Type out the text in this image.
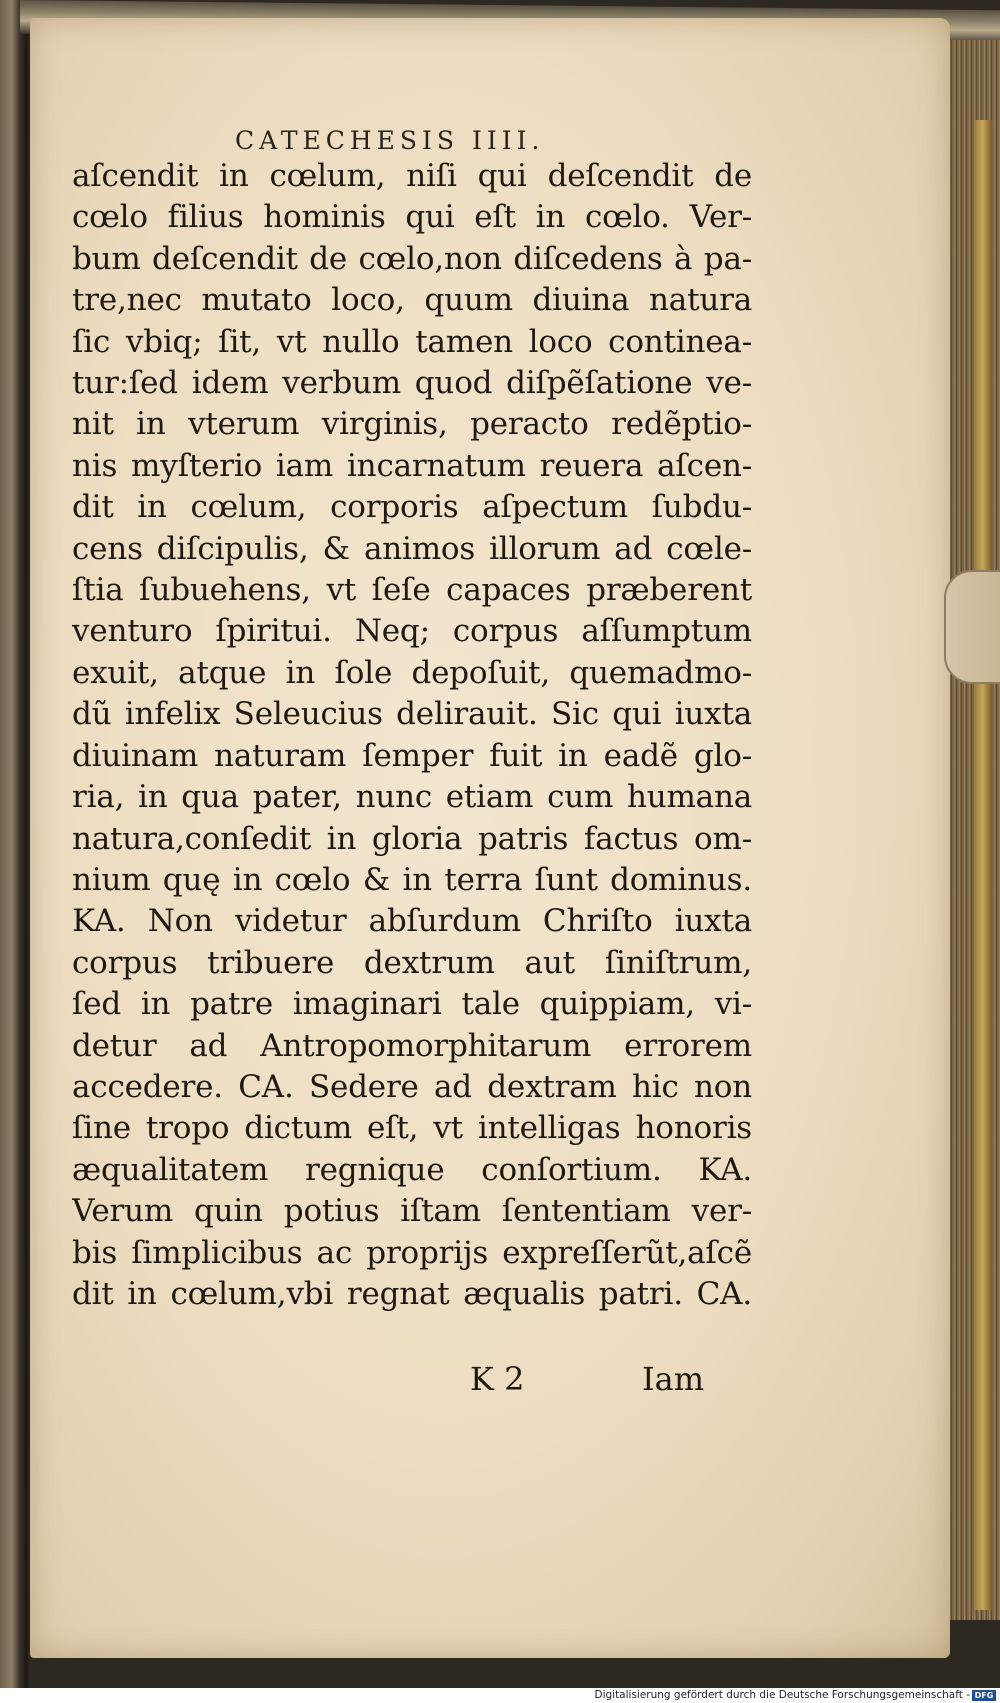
CATECHESIS IIII.
aſcendit in cœlum, niſi qui deſcendit de
cœlo filius hominis qui eſt in cœlo. Ver-
bum deſcendit de cœlo,non diſcedens à pa-
tre,nec mutato loco, quum diuina natura
ſic vbiq; ſit, vt nullo tamen loco continea-
tur:ſed idem verbum quod diſpẽſatione ve-
nit in vterum virginis, peracto redẽptio-
nis myſterio iam incarnatum reuera aſcen-
dit in cœlum, corporis aſpectum ſubdu-
cens diſcipulis, & animos illorum ad cœle-
ſtia ſubuehens, vt ſeſe capaces præberent
venturo ſpiritui. Neq; corpus aſſumptum
exuit, atque in ſole depoſuit, quemadmo-
dũ infelix Seleucius delirauit. Sic qui iuxta
diuinam naturam ſemper fuit in eadẽ glo-
ria, in qua pater, nunc etiam cum humana
natura,conſedit in gloria patris factus om-
nium quę in cœlo & in terra ſunt dominus.
KA. Non videtur abſurdum Chriſto iuxta
corpus tribuere dextrum aut ſiniſtrum,
ſed in patre imaginari tale quippiam, vi-
detur ad Antropomorphitarum errorem
accedere. CA. Sedere ad dextram hic non
ſine tropo dictum eſt, vt intelligas honoris
æqualitatem regnique conſortium. KA.
Verum quin potius iſtam ſententiam ver-
bis ſimplicibus ac proprijs expreſſerũt,aſcẽ
dit in cœlum,vbi regnat æqualis patri. CA.
K 2	Iam
Digitalisierung gefördert durch die Deutsche Forschungsgemeinschaft - DFG
